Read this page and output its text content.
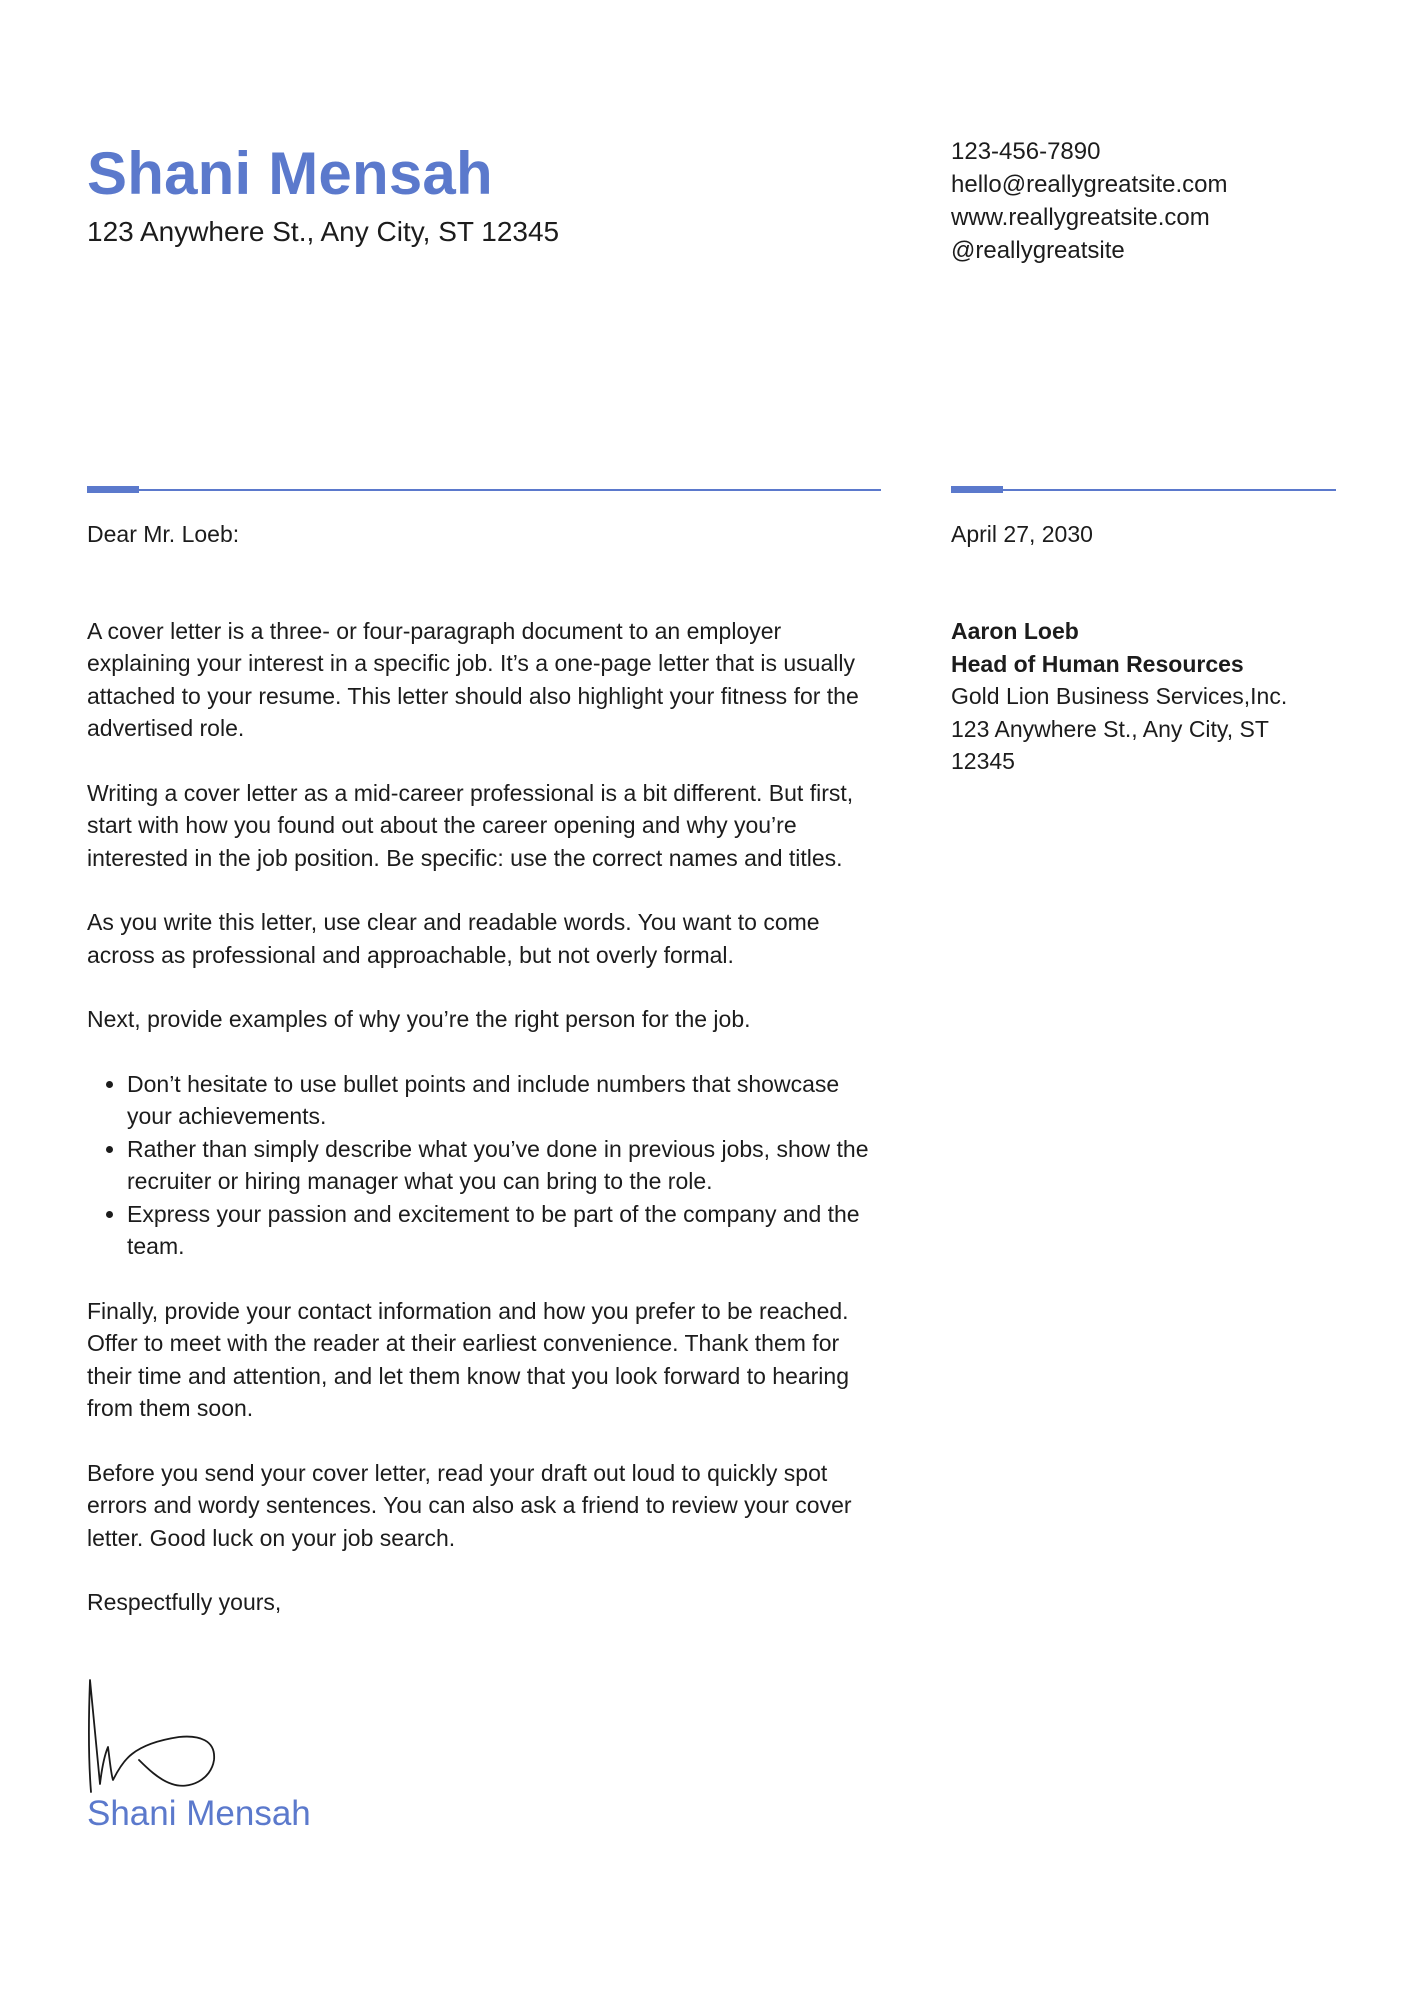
Shani Mensah
123 Anywhere St., Any City, ST 12345
123-456-7890
hello@reallygreatsite.com
www.reallygreatsite.com
@reallygreatsite

Dear Mr. Loeb:

A cover letter is a three- or four-paragraph document to an employer explaining your interest in a specific job. It’s a one-page letter that is usually attached to your resume. This letter should also highlight your fitness for the advertised role.

Writing a cover letter as a mid-career professional is a bit different. But first, start with how you found out about the career opening and why you’re interested in the job position. Be specific: use the correct names and titles.

As you write this letter, use clear and readable words. You want to come across as professional and approachable, but not overly formal.

Next, provide examples of why you’re the right person for the job.

• Don’t hesitate to use bullet points and include numbers that showcase your achievements.
• Rather than simply describe what you’ve done in previous jobs, show the recruiter or hiring manager what you can bring to the role.
• Express your passion and excitement to be part of the company and the team.

Finally, provide your contact information and how you prefer to be reached. Offer to meet with the reader at their earliest convenience. Thank them for their time and attention, and let them know that you look forward to hearing from them soon.

Before you send your cover letter, read your draft out loud to quickly spot errors and wordy sentences. You can also ask a friend to review your cover letter. Good luck on your job search.

Respectfully yours,

Shani Mensah
April 27, 2030
Aaron Loeb
Head of Human Resources
Gold Lion Business Services,Inc.
123 Anywhere St., Any City, ST 12345
